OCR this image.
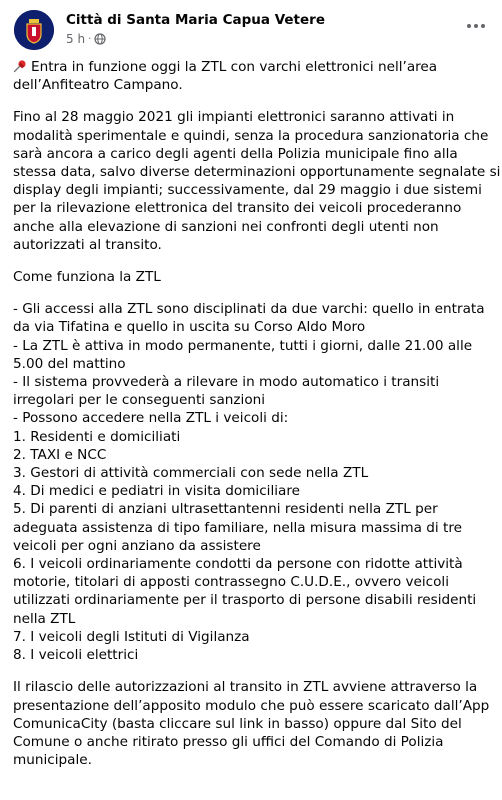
Città di Santa Maria Capua Vetere
5 h ·
Entra in funzione oggi la ZTL con varchi elettronici nell’area
dell’Anfiteatro Campano.
Fino al 28 maggio 2021 gli impianti elettronici saranno attivati in
modalità sperimentale e quindi, senza la procedura sanzionatoria che
sarà ancora a carico degli agenti della Polizia municipale fino alla
stessa data, salvo diverse determinazioni opportunamente segnalate si
display degli impianti; successivamente, dal 29 maggio i due sistemi
per la rilevazione elettronica del transito dei veicoli procederanno
anche alla elevazione di sanzioni nei confronti degli utenti non
autorizzati al transito.
Come funziona la ZTL
- Gli accessi alla ZTL sono disciplinati da due varchi: quello in entrata
da via Tifatina e quello in uscita su Corso Aldo Moro
- La ZTL è attiva in modo permanente, tutti i giorni, dalle 21.00 alle
5.00 del mattino
- Il sistema provvederà a rilevare in modo automatico i transiti
irregolari per le conseguenti sanzioni
- Possono accedere nella ZTL i veicoli di:
1. Residenti e domiciliati
2. TAXI e NCC
3. Gestori di attività commerciali con sede nella ZTL
4. Di medici e pediatri in visita domiciliare
5. Di parenti di anziani ultrasettantenni residenti nella ZTL per
adeguata assistenza di tipo familiare, nella misura massima di tre
veicoli per ogni anziano da assistere
6. I veicoli ordinariamente condotti da persone con ridotte attività
motorie, titolari di apposti contrassegno C.U.D.E., ovvero veicoli
utilizzati ordinariamente per il trasporto di persone disabili residenti
nella ZTL
7. I veicoli degli Istituti di Vigilanza
8. I veicoli elettrici
Il rilascio delle autorizzazioni al transito in ZTL avviene attraverso la
presentazione dell’apposito modulo che può essere scaricato dall’App
ComunicaCity (basta cliccare sul link in basso) oppure dal Sito del
Comune o anche ritirato presso gli uffici del Comando di Polizia
municipale.
